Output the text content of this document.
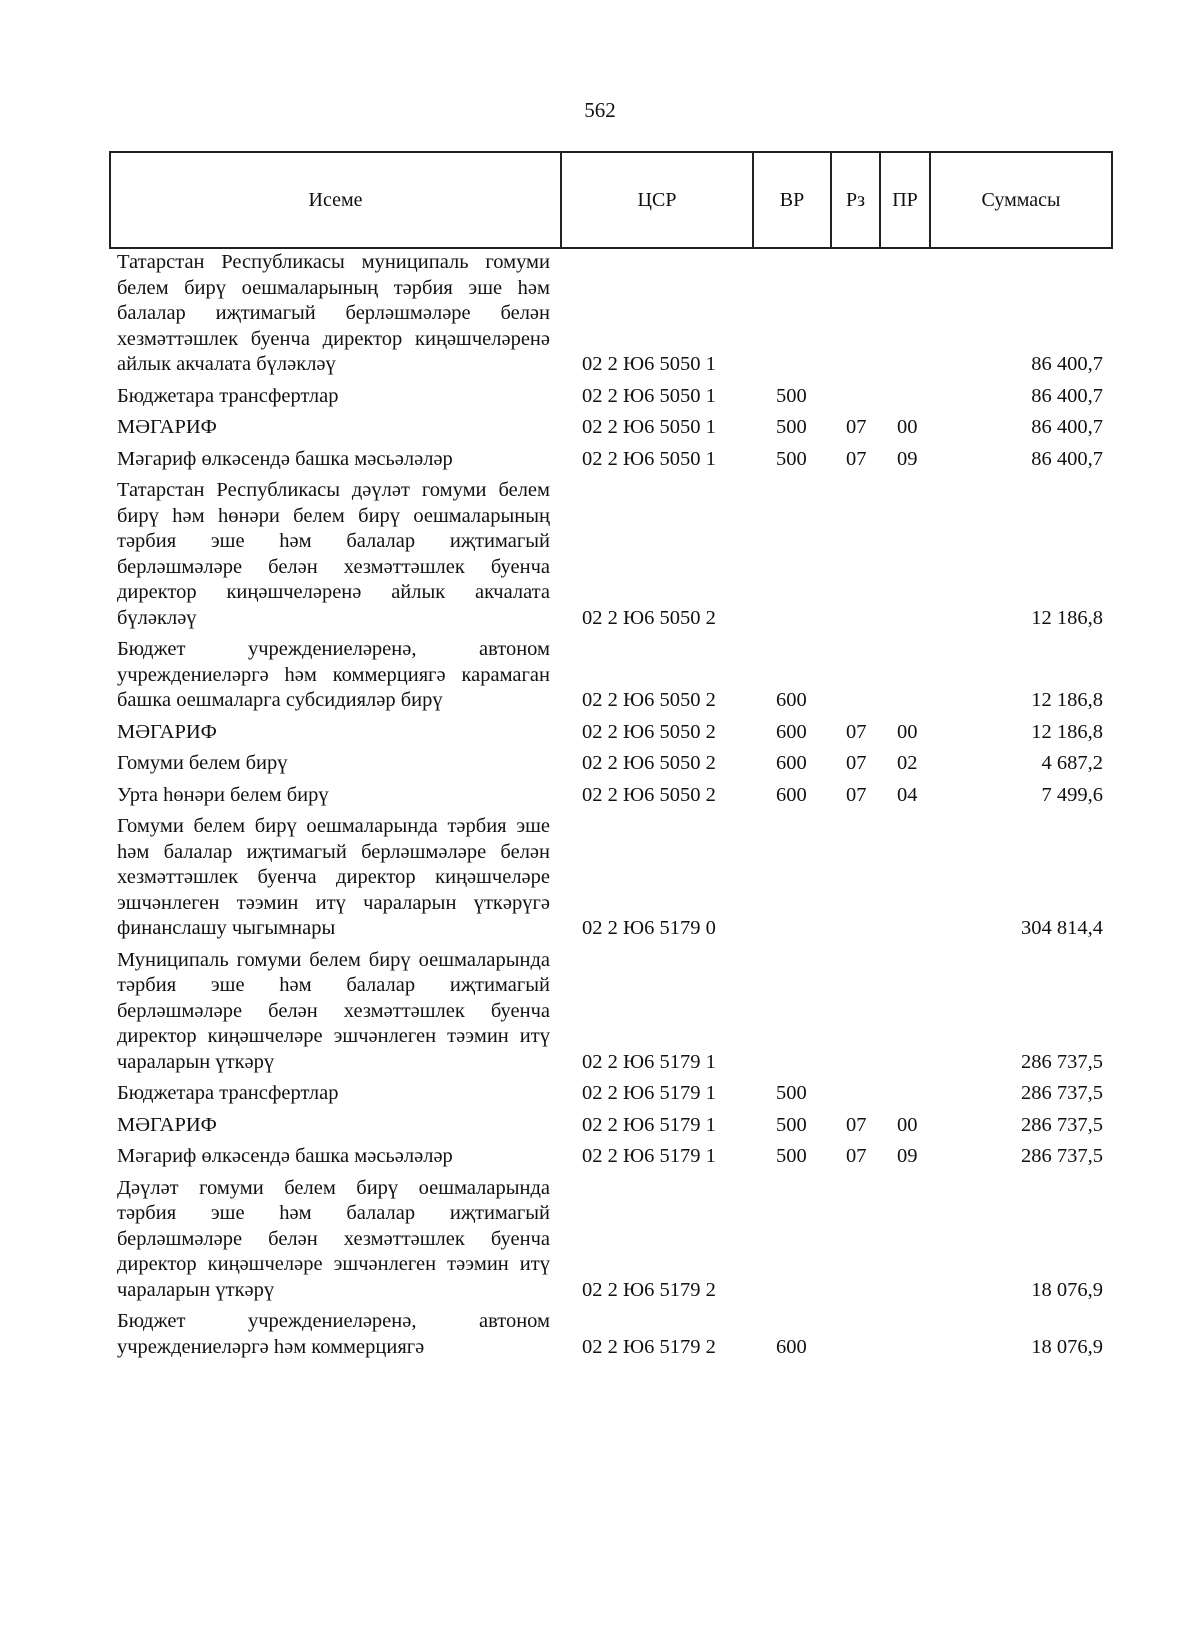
562
Исеме	ЦСР	ВР	Рз	ПР	Суммасы
Татарстан Республикасы муниципаль гомуми белем бирү оешмаларының тәрбия эше һәм балалар иҗтимагый берләшмәләре белән хезмәттәшлек буенча директор киңәшчеләренә айлык акчалата бүләкләү	02 2 Ю6 5050 1	86 400,7
Бюджетара трансфертлар	02 2 Ю6 5050 1	500	86 400,7
МӘГАРИФ	02 2 Ю6 5050 1	500 07 00	86 400,7
Мәгариф өлкәсендә башка мәсьәләләр	02 2 Ю6 5050 1	500 07 09	86 400,7
Татарстан Республикасы дәүләт гомуми белем бирү һәм һөнәри белем бирү оешмаларының тәрбия эше һәм балалар иҗтимагый берләшмәләре белән хезмәттәшлек буенча директор киңәшчеләренә айлык акчалата бүләкләү	02 2 Ю6 5050 2	12 186,8
Бюджет учреждениеләренә, автоном учреждениеләргә һәм коммерциягә карамаган башка оешмаларга субсидияләр бирү	02 2 Ю6 5050 2	600	12 186,8
МӘГАРИФ	02 2 Ю6 5050 2	600 07 00	12 186,8
Гомуми белем бирү	02 2 Ю6 5050 2	600 07 02	4 687,2
Урта һөнәри белем бирү	02 2 Ю6 5050 2	600 07 04	7 499,6
Гомуми белем бирү оешмаларында тәрбия эше һәм балалар иҗтимагый берләшмәләре белән хезмәттәшлек буенча директор киңәшчеләре эшчәнлеген тәэмин итү чараларын үткәрүгә финанслашу чыгымнары	02 2 Ю6 5179 0	304 814,4
Муниципаль гомуми белем бирү оешмаларында тәрбия эше һәм балалар иҗтимагый берләшмәләре белән хезмәттәшлек буенча директор киңәшчеләре эшчәнлеген тәэмин итү чараларын үткәрү	02 2 Ю6 5179 1	286 737,5
Бюджетара трансфертлар	02 2 Ю6 5179 1	500	286 737,5
МӘГАРИФ	02 2 Ю6 5179 1	500 07 00	286 737,5
Мәгариф өлкәсендә башка мәсьәләләр	02 2 Ю6 5179 1	500 07 09	286 737,5
Дәүләт гомуми белем бирү оешмаларында тәрбия эше һәм балалар иҗтимагый берләшмәләре белән хезмәттәшлек буенча директор киңәшчеләре эшчәнлеген тәэмин итү чараларын үткәрү	02 2 Ю6 5179 2	18 076,9
Бюджет учреждениеләренә, автоном учреждениеләргә һәм коммерциягә	02 2 Ю6 5179 2	600	18 076,9
